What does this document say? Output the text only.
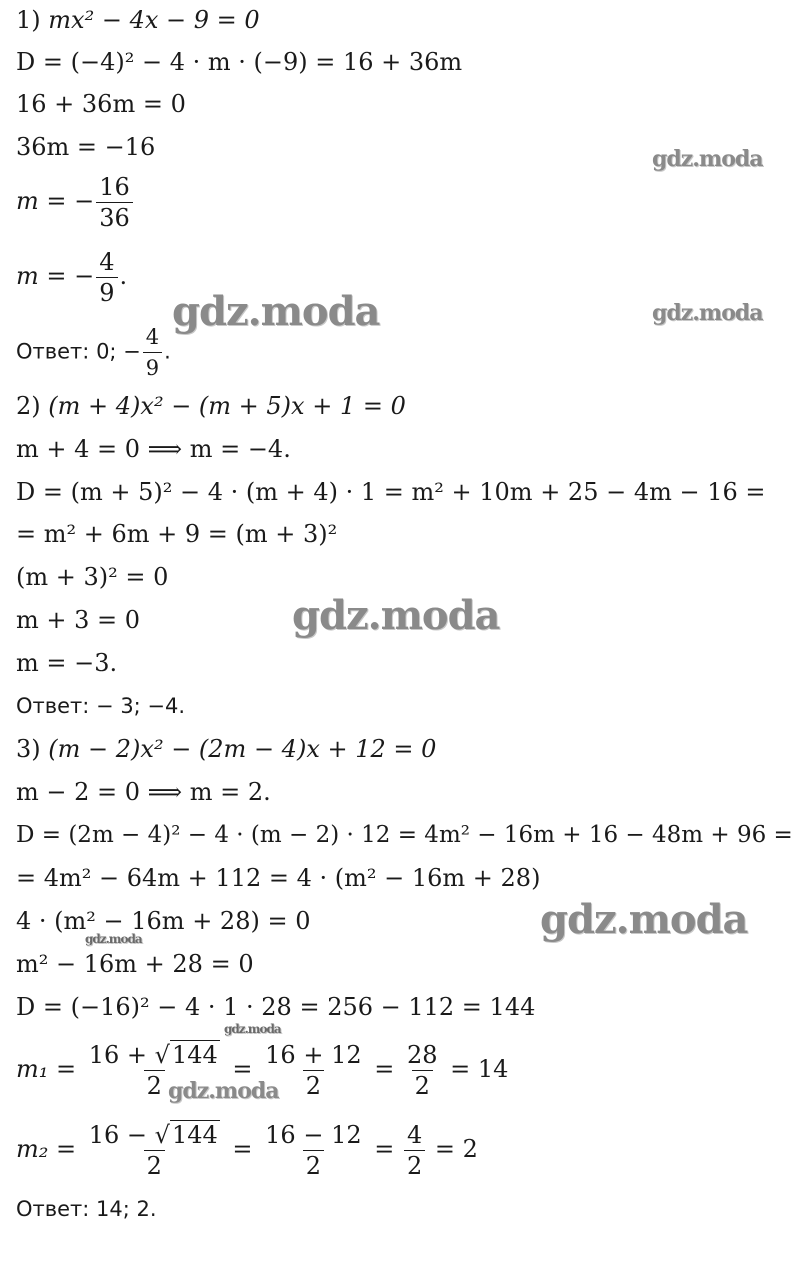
1) mx² − 4x − 9 = 0
D = (−4)² − 4 · m · (−9) = 16 + 36m
16 + 36m = 0
36m = −16
m = − $\frac{16}{36}$
m = − $\frac{4}{9}$ .
Ответ: 0; − $\frac{4}{9}$ .
2) (m + 4)x² − (m + 5)x + 1 = 0
m + 4 = 0 ⟹ m = −4.
D = (m + 5)² − 4 · (m + 4) · 1 = m² + 10m + 25 − 4m − 16 =
= m² + 6m + 9 = (m + 3)²
(m + 3)² = 0
m + 3 = 0
m = −3.
Ответ: − 3; −4.
3) (m − 2)x² − (2m − 4)x + 12 = 0
m − 2 = 0 ⟹ m = 2.
D = (2m − 4)² − 4 · (m − 2) · 12 = 4m² − 16m + 16 − 48m + 96 =
= 4m² − 64m + 112 = 4 · (m² − 16m + 28)
4 · (m² − 16m + 28) = 0
m² − 16m + 28 = 0
D = (−16)² − 4 · 1 · 28 = 256 − 112 = 144
$m_1 = \frac{16 + √144}{2} = \frac{16 + 12}{2} = \frac{28}{2} = 14$
$m_2 = \frac{16 - √144}{2} = \frac{16 - 12}{2} = \frac{4}{2} = 2$
Ответ: 14; 2.
gdz.moda
gdz.moda
gdz.moda
gdz.moda
gdz.moda
gdz.moda
gdz.moda
gdz.moda
